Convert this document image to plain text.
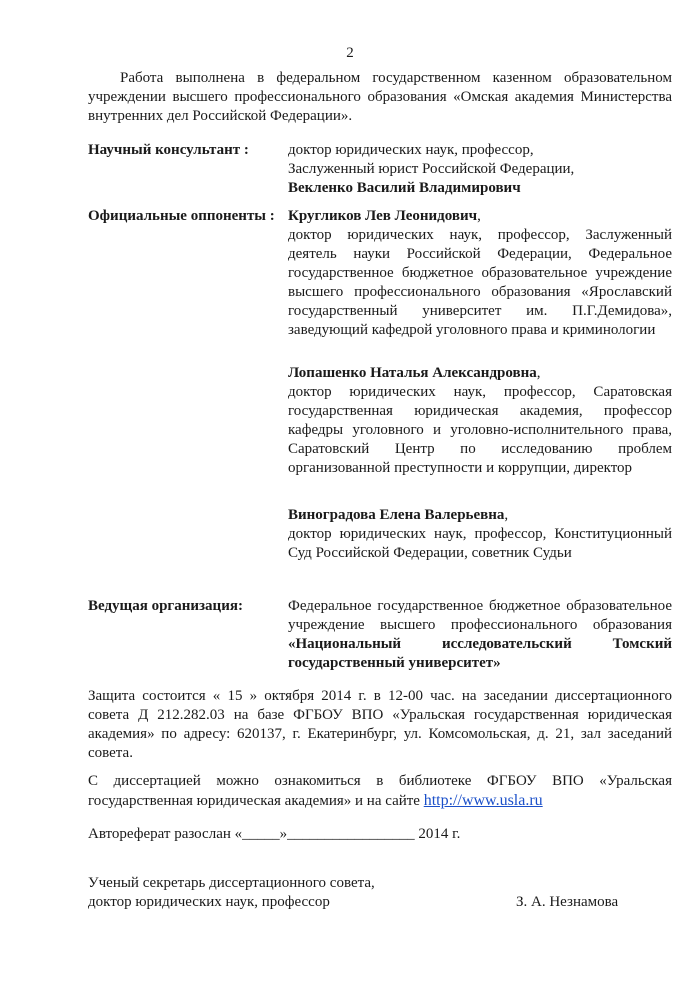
2
Работа выполнена в федеральном государственном казенном образовательном учреждении высшего профессионального образования «Омская академия Министерства внутренних дел Российской Федерации».
Научный консультант :	доктор юридических наук, профессор,

Заслуженный юрист Российской Федерации,

Векленко Василий Владимирович

Официальные оппоненты : Кругликов Лев Леонидович,

доктор юридических наук, профессор, Заслуженный деятель науки Российской Федерации, Федеральное государственное бюджетное образовательное учреждение высшего профессионального образования «Ярославский государственный университет им. П.Г.Демидова», заведующий кафедрой уголовного права и криминологии

Лопашенко Наталья Александровна,

доктор юридических наук, профессор, Саратовская государственная юридическая академия, профессор кафедры уголовного и уголовно-исполнительного права, Саратовский Центр по исследованию проблем организованной преступности и коррупции, директор

Виноградова Елена Валерьевна,

доктор юридических наук, профессор, Конституционный Суд Российской Федерации, советник Судьи

Ведущая организация:	Федеральное государственное бюджетное образовательное учреждение высшего профессионального образования «Национальный исследовательский Томский государственный университет»

Защита состоится « 15 » октября 2014 г. в 12-00 час. на заседании диссертационного совета Д 212.282.03 на базе ФГБОУ ВПО «Уральская государственная юридическая академия» по адресу: 620137, г. Екатеринбург, ул. Комсомольская, д. 21, зал заседаний совета.

С диссертацией можно ознакомиться в библиотеке ФГБОУ ВПО «Уральская государственная юридическая академия» и на сайте http://www.usla.ru

Автореферат разослан «_____»_________________ 2014 г.
Ученый секретарь диссертационного совета,
доктор юридических наук, профессор	З. А. Незнамова
